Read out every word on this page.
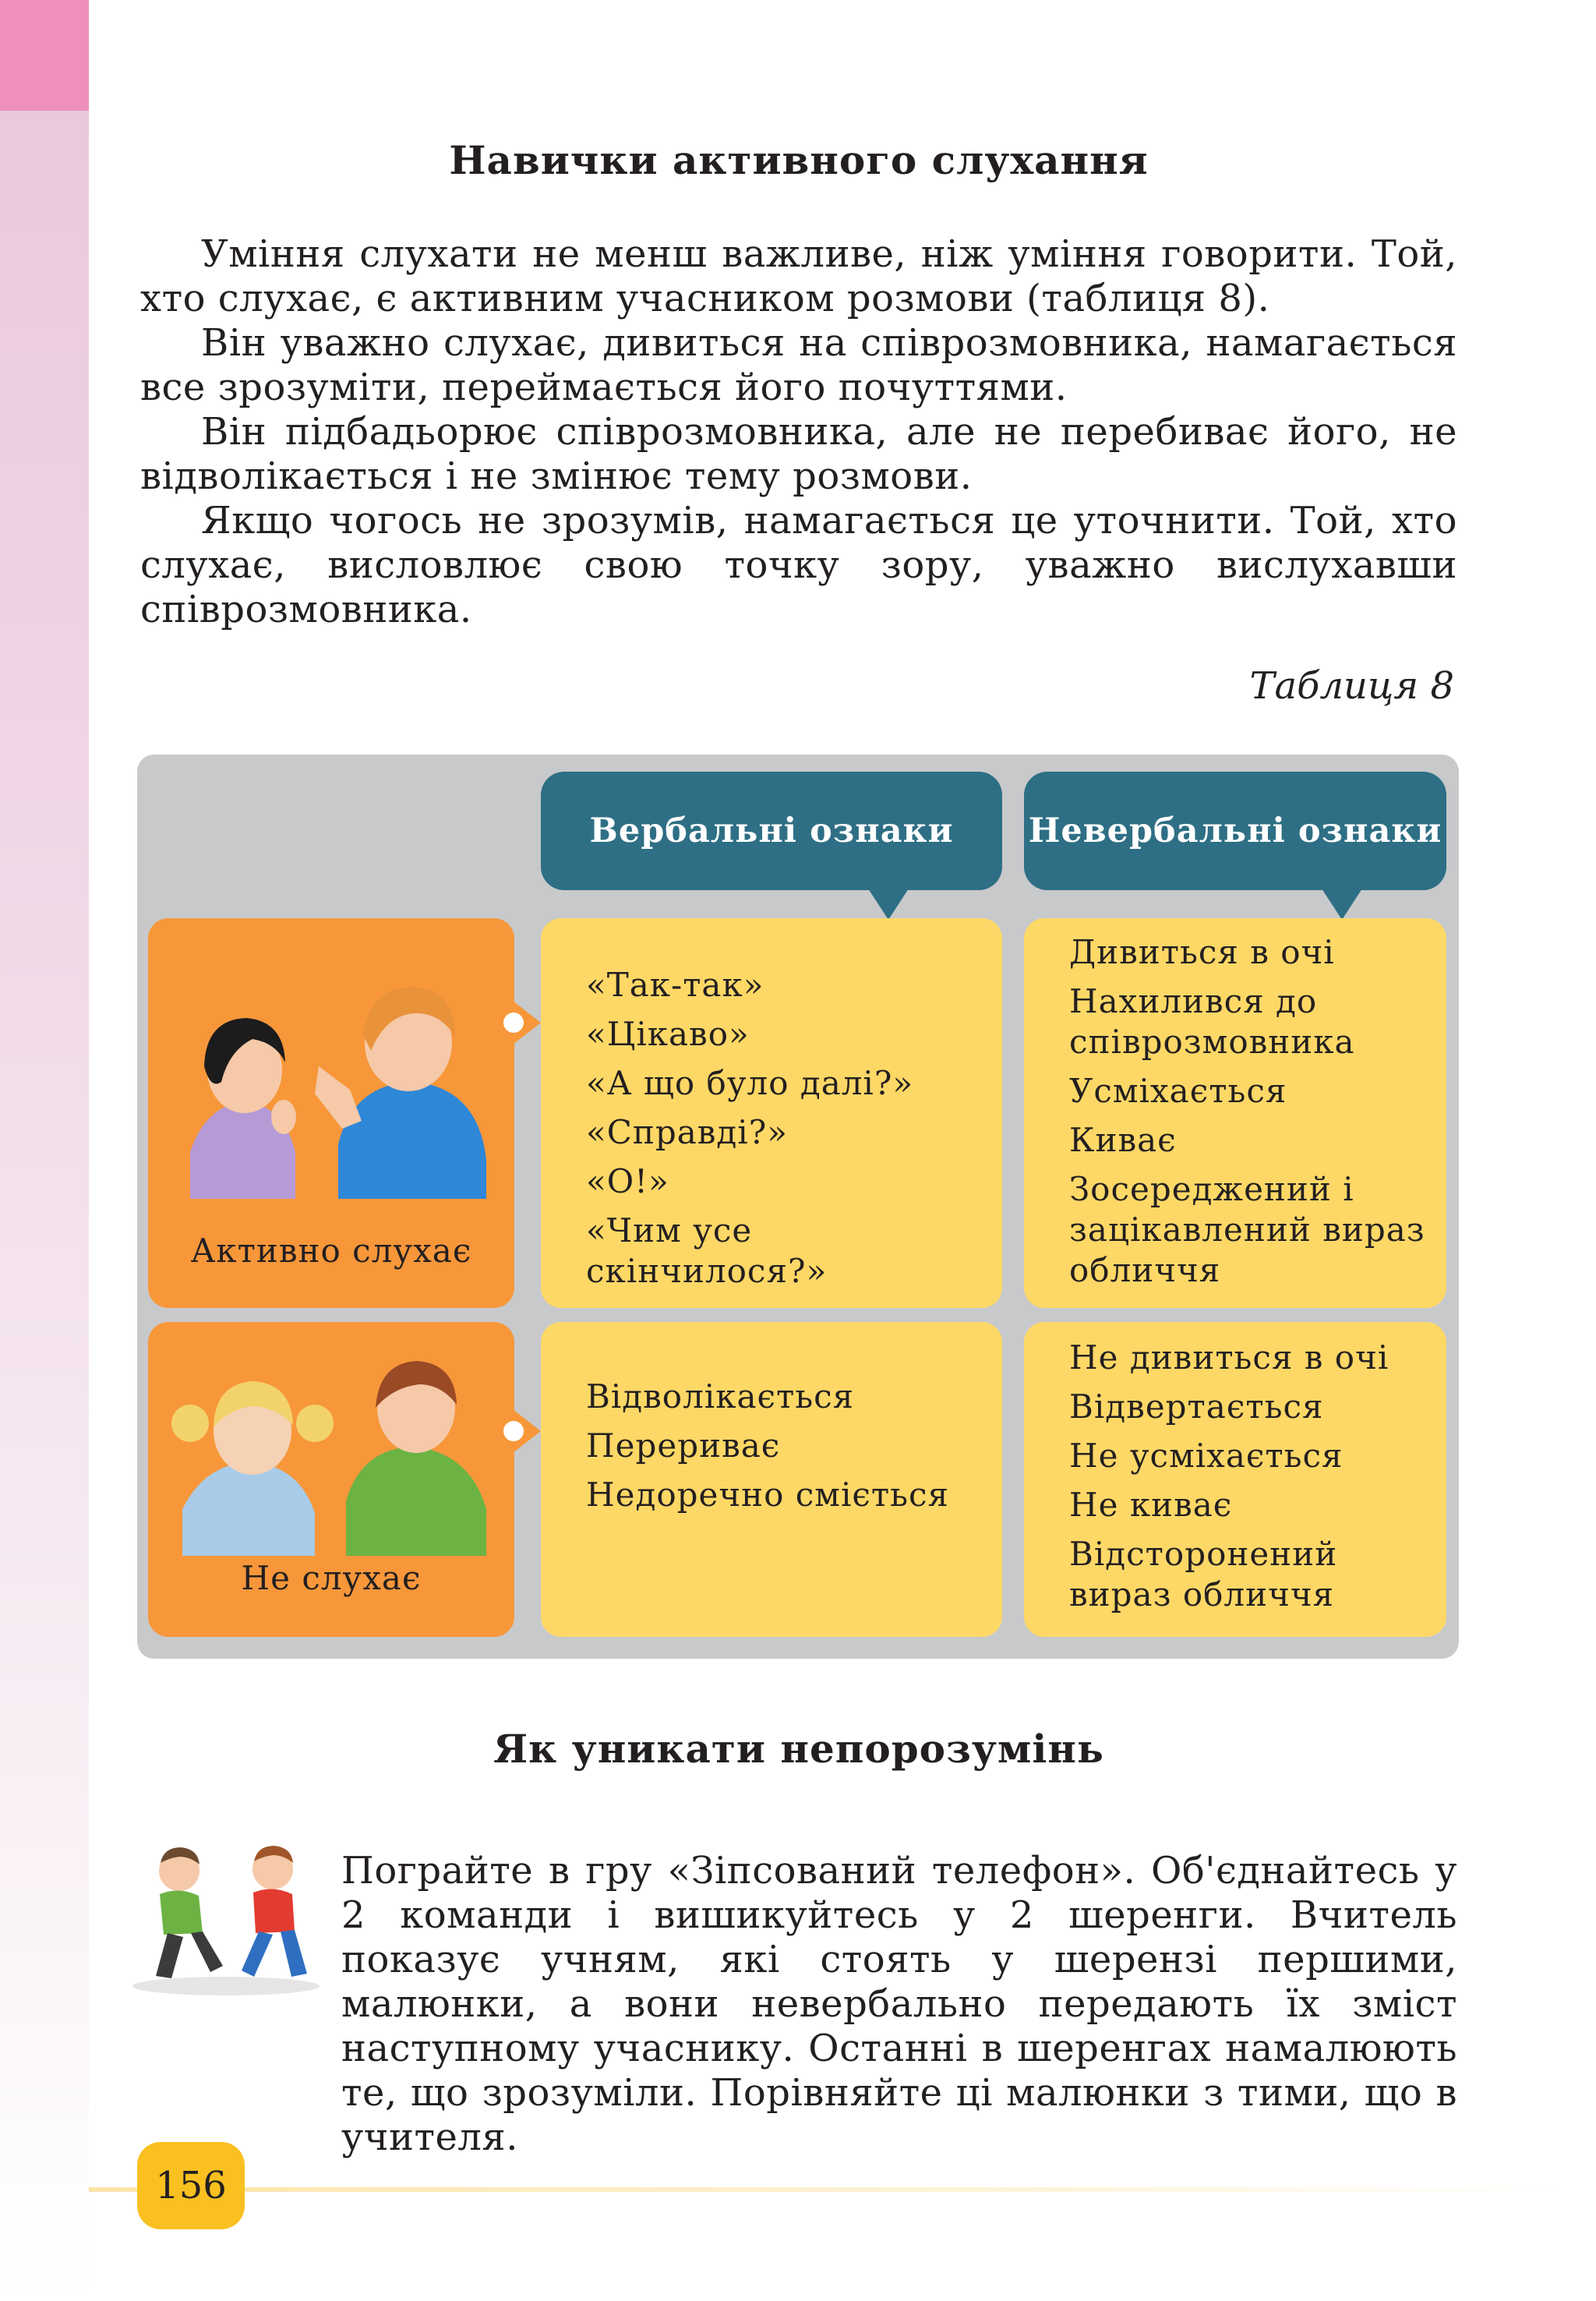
Навички активного слухання

Уміння слухати не менш важливе, ніж уміння говорити. Той, хто слухає, є активним учасником розмови (таблиця 8).

Він уважно слухає, дивиться на співрозмовника, намагається все зрозуміти, переймається його почуттями.

Він підбадьорює співрозмовника, але не перебиває його, не відволікається і не змінює тему розмови.

Якщо чогось не зрозумів, намагається це уточнити. Той, хто слухає, висловлює свою точку зору, уважно вислухавши співрозмовника.

Таблиця 8
Вербальні ознаки Невербальні ознаки
Активно слухає
«Так-так»
«Цікаво»
«А що було далі?»
«Справді?»
«О!»
«Чим усе скінчилося?»
Дивиться в очі
Нахилився до співрозмовника
Усміхається
Киває
Зосереджений і зацікавлений вираз обличчя
Не слухає
Відволікається
Перериває
Недоречно сміється
Не дивиться в очі
Відвертається
Не усміхається
Не киває
Відсторонений вираз обличчя
Як уникати непорозумінь

Пограйте в гру «Зіпсований телефон». Об'єднайтесь у 2 команди і вишикуйтесь у 2 шеренги. Вчитель показує учням, які стоять у шерензі першими, малюнки, а вони невербально передають їх зміст наступному учаснику. Останні в шеренгах намалюють те, що зрозуміли. Порівняйте ці малюнки з тими, що в учителя.

156
